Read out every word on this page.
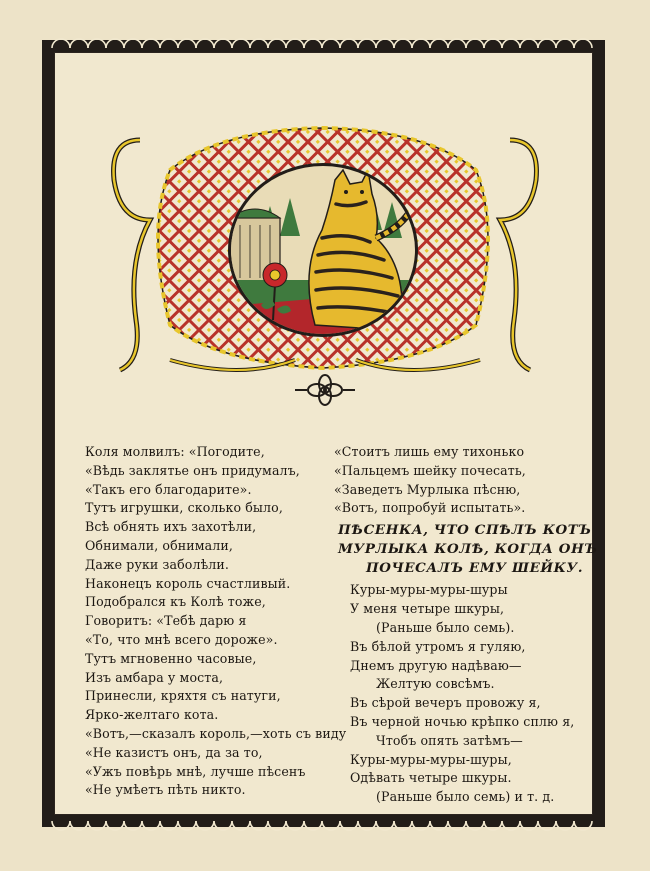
Коля молвилъ: «Погодите,
«Вѣдь заклятье онъ придумалъ,
«Такъ его благодарите».
Тутъ игрушки, сколько было,
Всѣ обнять ихъ захотѣли,
Обнимали, обнимали,
Даже руки заболѣли.
Наконецъ король счастливый.
Подобрался къ Колѣ тоже,
Говоритъ: «Тебѣ дарю я
«То, что мнѣ всего дороже».
Тутъ мгновенно часовые,
Изъ амбара у моста,
Принесли, кряхтя съ натуги,
Ярко-желтаго кота.
«Вотъ,—сказалъ король,—хоть съ виду
«Не казистъ онъ, да за то,
«Ужъ повѣрь мнѣ, лучше пѣсенъ
«Не умѣетъ пѣть никто.
«Стоитъ лишь ему тихонько
«Пальцемъ шейку почесать,
«Заведетъ Мурлыка пѣсню,
«Вотъ, попробуй испытать».
ПѢСЕНКА, ЧТО СПѢЛЪ КОТЪ
МУРЛЫКА КОЛѢ, КОГДА ОНЪ
ПОЧЕСАЛЪ ЕМУ ШЕЙКУ.
Куры-муры-муры-шуры
У меня четыре шкуры,
(Раньше было семь).
Въ бѣлой утромъ я гуляю,
Днемъ другую надѣваю—
Желтую совсѣмъ.
Въ сѣрой вечеръ провожу я,
Въ черной ночью крѣпко сплю я,
Чтобъ опять затѣмъ—
Куры-муры-муры-шуры,
Одѣвать четыре шкуры.
(Раньше было семь) и т. д.
